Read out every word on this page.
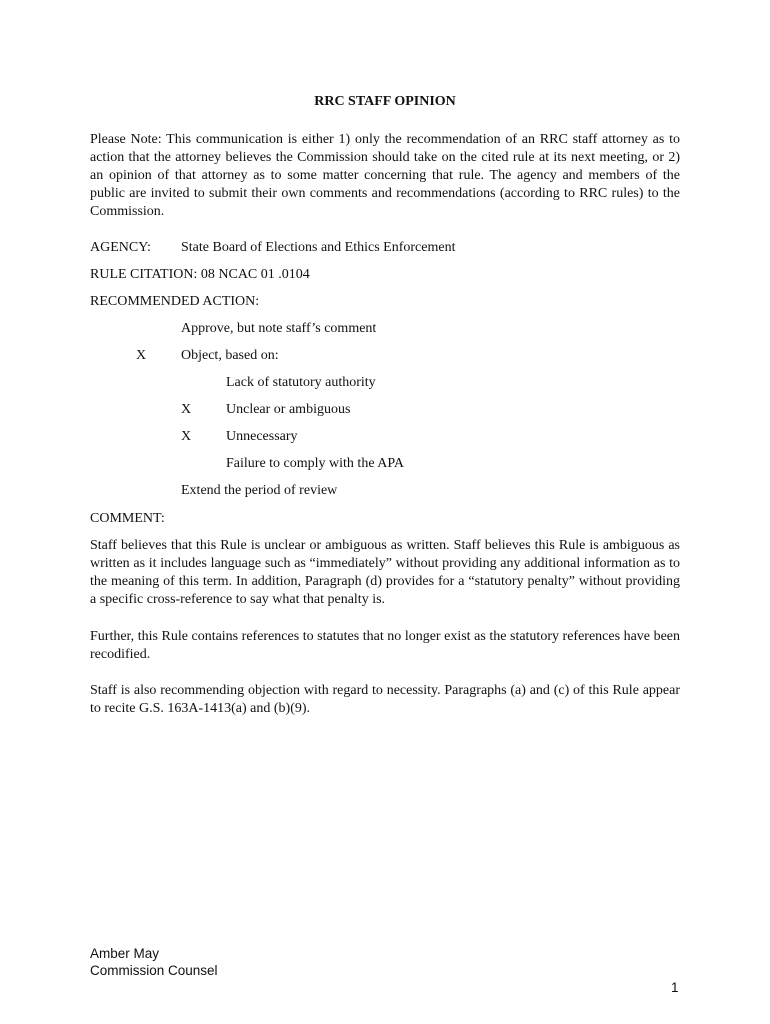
RRC STAFF OPINION
Please Note: This communication is either 1) only the recommendation of an RRC staff attorney as to action that the attorney believes the Commission should take on the cited rule at its next meeting, or 2) an opinion of that attorney as to some matter concerning that rule. The agency and members of the public are invited to submit their own comments and recommendations (according to RRC rules) to the Commission.
AGENCY: State Board of Elections and Ethics Enforcement
RULE CITATION: 08 NCAC 01 .0104
RECOMMENDED ACTION:
Approve, but note staff’s comment
X Object, based on:
Lack of statutory authority
X Unclear or ambiguous
X Unnecessary
Failure to comply with the APA
Extend the period of review
COMMENT:
Staff believes that this Rule is unclear or ambiguous as written. Staff believes this Rule is ambiguous as written as it includes language such as “immediately” without providing any additional information as to the meaning of this term. In addition, Paragraph (d) provides for a “statutory penalty” without providing a specific cross-reference to say what that penalty is.
Further, this Rule contains references to statutes that no longer exist as the statutory references have been recodified.
Staff is also recommending objection with regard to necessity. Paragraphs (a) and (c) of this Rule appear to recite G.S. 163A-1413(a) and (b)(9).
Amber May
Commission Counsel
1
